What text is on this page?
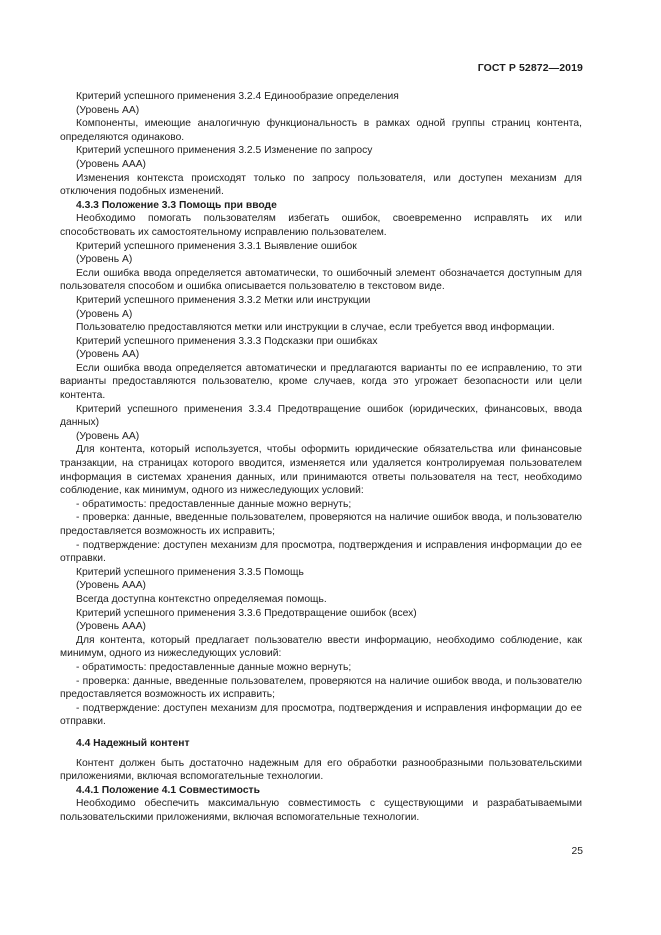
ГОСТ Р 52872—2019
Критерий успешного применения 3.2.4 Единообразие определения
(Уровень АА)
Компоненты, имеющие аналогичную функциональность в рамках одной группы страниц контента, определяются одинаково.
Критерий успешного применения 3.2.5 Изменение по запросу
(Уровень ААА)
Изменения контекста происходят только по запросу пользователя, или доступен механизм для отключения подобных изменений.
4.3.3 Положение 3.3 Помощь при вводе
Необходимо помогать пользователям избегать ошибок, своевременно исправлять их или способствовать их самостоятельному исправлению пользователем.
Критерий успешного применения 3.3.1 Выявление ошибок
(Уровень А)
Если ошибка ввода определяется автоматически, то ошибочный элемент обозначается доступным для пользователя способом и ошибка описывается пользователю в текстовом виде.
Критерий успешного применения 3.3.2 Метки или инструкции
(Уровень А)
Пользователю предоставляются метки или инструкции в случае, если требуется ввод информации.
Критерий успешного применения 3.3.3 Подсказки при ошибках
(Уровень АА)
Если ошибка ввода определяется автоматически и предлагаются варианты по ее исправлению, то эти варианты предоставляются пользователю, кроме случаев, когда это угрожает безопасности или цели контента.
Критерий успешного применения 3.3.4 Предотвращение ошибок (юридических, финансовых, ввода данных)
(Уровень АА)
Для контента, который используется, чтобы оформить юридические обязательства или финансовые транзакции, на страницах которого вводится, изменяется или удаляется контролируемая пользователем информация в системах хранения данных, или принимаются ответы пользователя на тест, необходимо соблюдение, как минимум, одного из нижеследующих условий:
- обратимость: предоставленные данные можно вернуть;
- проверка: данные, введенные пользователем, проверяются на наличие ошибок ввода, и пользователю предоставляется возможность их исправить;
- подтверждение: доступен механизм для просмотра, подтверждения и исправления информации до ее отправки.
Критерий успешного применения 3.3.5 Помощь
(Уровень ААА)
Всегда доступна контекстно определяемая помощь.
Критерий успешного применения 3.3.6 Предотвращение ошибок (всех)
(Уровень ААА)
Для контента, который предлагает пользователю ввести информацию, необходимо соблюдение, как минимум, одного из нижеследующих условий:
- обратимость: предоставленные данные можно вернуть;
- проверка: данные, введенные пользователем, проверяются на наличие ошибок ввода, и пользователю предоставляется возможность их исправить;
- подтверждение: доступен механизм для просмотра, подтверждения и исправления информации до ее отправки.
4.4 Надежный контент
Контент должен быть достаточно надежным для его обработки разнообразными пользовательскими приложениями, включая вспомогательные технологии.
4.4.1 Положение 4.1 Совместимость
Необходимо обеспечить максимальную совместимость с существующими и разрабатываемыми пользовательскими приложениями, включая вспомогательные технологии.
25
